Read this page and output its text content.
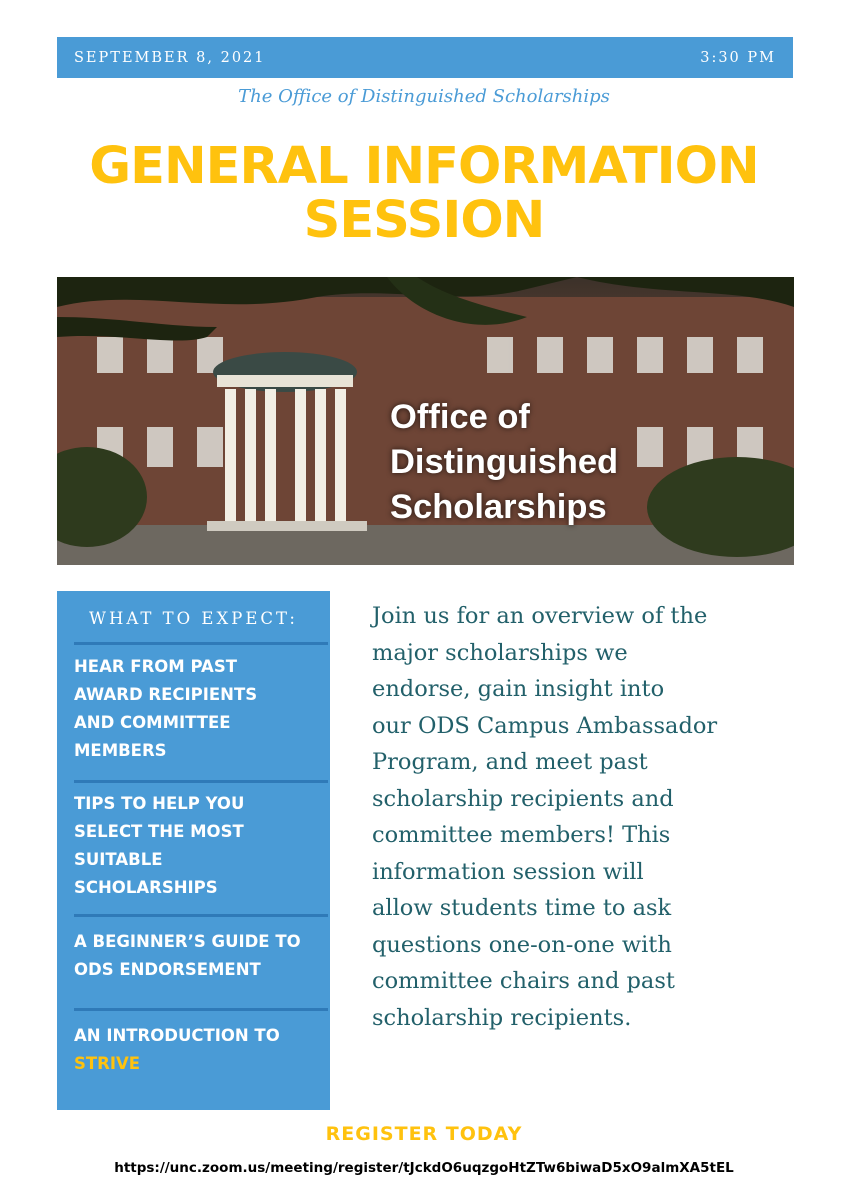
SEPTEMBER 8, 2021	3:30 PM
The Office of Distinguished Scholarships
GENERAL INFORMATION
SESSION
Office of
Distinguished
Scholarships
WHAT TO EXPECT:
HEAR FROM PAST
AWARD RECIPIENTS
AND COMMITTEE
MEMBERS
TIPS TO HELP YOU
SELECT THE MOST
SUITABLE
SCHOLARSHIPS
A BEGINNER’S GUIDE TO
ODS ENDORSEMENT
AN INTRODUCTION TO
STRIVE
Join us for an overview of the
major scholarships we
endorse, gain insight into
our ODS Campus Ambassador
Program, and meet past
scholarship recipients and
committee members! This
information session will
allow students time to ask
questions one-on-one with
committee chairs and past
scholarship recipients.
REGISTER TODAY
https://unc.zoom.us/meeting/register/tJckdO6uqzgoHtZTw6biwaD5xO9almXA5tEL
